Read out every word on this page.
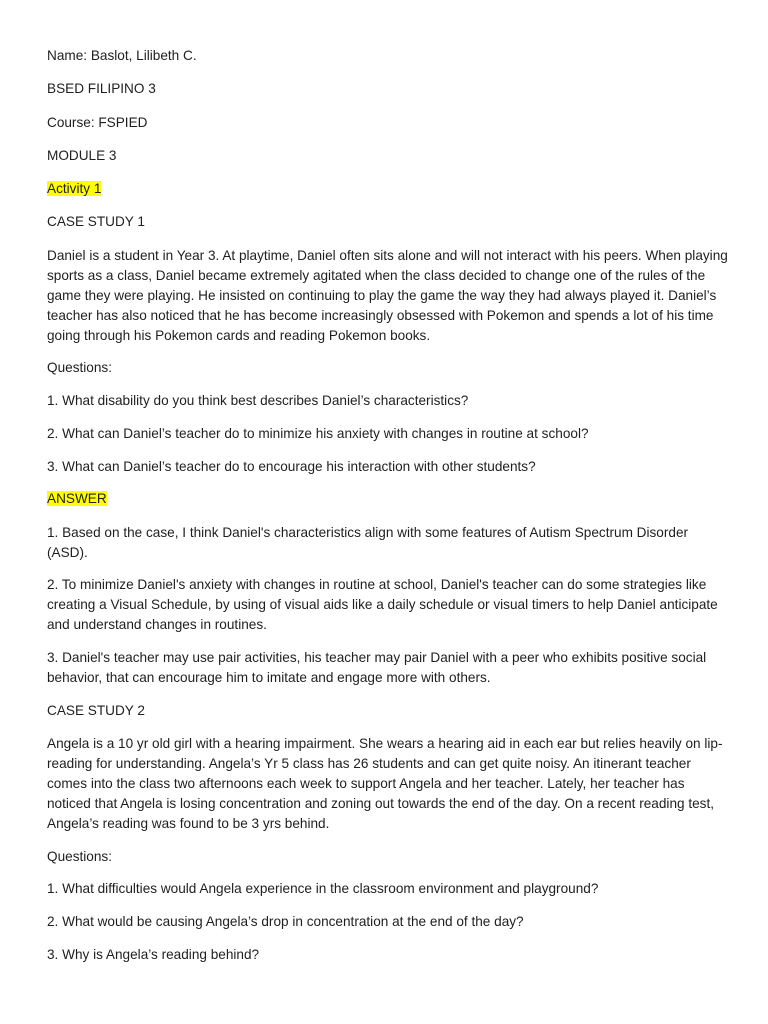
Name: Baslot, Lilibeth C.

BSED FILIPINO 3

Course: FSPIED

MODULE 3

Activity 1

CASE STUDY 1

Daniel is a student in Year 3. At playtime, Daniel often sits alone and will not interact with his peers. When playing sports as a class, Daniel became extremely agitated when the class decided to change one of the rules of the game they were playing. He insisted on continuing to play the game the way they had always played it. Daniel’s teacher has also noticed that he has become increasingly obsessed with Pokemon and spends a lot of his time going through his Pokemon cards and reading Pokemon books.

Questions:

1. What disability do you think best describes Daniel’s characteristics?

2. What can Daniel’s teacher do to minimize his anxiety with changes in routine at school?

3. What can Daniel’s teacher do to encourage his interaction with other students?

ANSWER

1. Based on the case, I think Daniel's characteristics align with some features of Autism Spectrum Disorder (ASD).

2. To minimize Daniel's anxiety with changes in routine at school, Daniel's teacher can do some strategies like creating a Visual Schedule, by using of visual aids like a daily schedule or visual timers to help Daniel anticipate and understand changes in routines.

3. Daniel's teacher may use pair activities, his teacher may pair Daniel with a peer who exhibits positive social behavior, that can encourage him to imitate and engage more with others.

CASE STUDY 2

Angela is a 10 yr old girl with a hearing impairment. She wears a hearing aid in each ear but relies heavily on lip-reading for understanding. Angela’s Yr 5 class has 26 students and can get quite noisy. An itinerant teacher comes into the class two afternoons each week to support Angela and her teacher. Lately, her teacher has noticed that Angela is losing concentration and zoning out towards the end of the day. On a recent reading test, Angela’s reading was found to be 3 yrs behind.

Questions:

1. What difficulties would Angela experience in the classroom environment and playground?

2. What would be causing Angela’s drop in concentration at the end of the day?

3. Why is Angela’s reading behind?
